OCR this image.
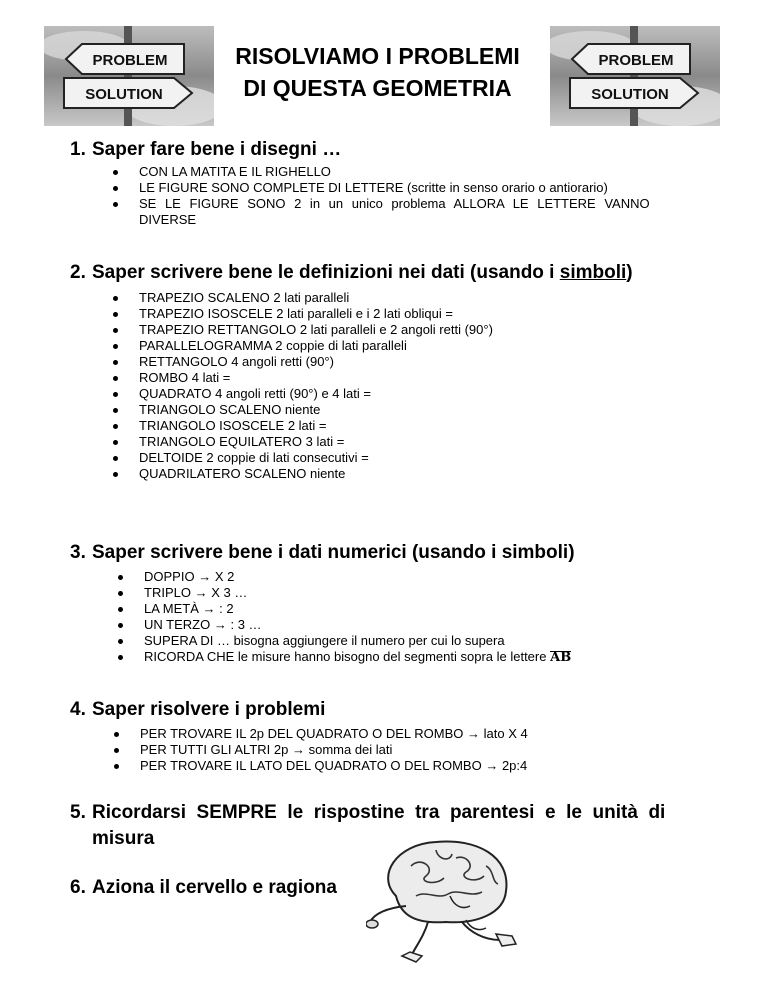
PROBLEM
SOLUTION
RISOLVIAMO I PROBLEMI
DI QUESTA GEOMETRIA
PROBLEM
SOLUTION
1. Saper fare bene i disegni …
CON LA MATITA E IL RIGHELLO
LE FIGURE SONO COMPLETE DI LETTERE (scritte in senso orario o antiorario)
SE LE FIGURE SONO 2 in un unico problema ALLORA LE LETTERE VANNO
DIVERSE
2. Saper scrivere bene le definizioni nei dati (usando i simboli)
TRAPEZIO SCALENO 2 lati paralleli
TRAPEZIO ISOSCELE 2 lati paralleli e i 2 lati obliqui =
TRAPEZIO RETTANGOLO 2 lati paralleli e 2 angoli retti (90°)
PARALLELOGRAMMA 2 coppie di lati paralleli
RETTANGOLO 4 angoli retti (90°)
ROMBO 4 lati =
QUADRATO 4 angoli retti (90°) e 4 lati =
TRIANGOLO SCALENO niente
TRIANGOLO ISOSCELE 2 lati =
TRIANGOLO EQUILATERO 3 lati =
DELTOIDE 2 coppie di lati consecutivi =
QUADRILATERO SCALENO niente
3. Saper scrivere bene i dati numerici (usando i simboli)
DOPPIO → X 2
TRIPLO → X 3 …
LA METÀ → : 2
UN TERZO → : 3 …
SUPERA DI … bisogna aggiungere il numero per cui lo supera
RICORDA CHE le misure hanno bisogno del segmenti sopra le lettere AB
4. Saper risolvere i problemi
PER TROVARE IL 2p DEL QUADRATO O DEL ROMBO → lato X 4
PER TUTTI GLI ALTRI 2p → somma dei lati
PER TROVARE IL LATO DEL QUADRATO O DEL ROMBO → 2p:4
5. Ricordarsi  SEMPRE  le  rispostine  tra  parentesi  e  le  unità  di
misura
6. Aziona il cervello e ragiona
